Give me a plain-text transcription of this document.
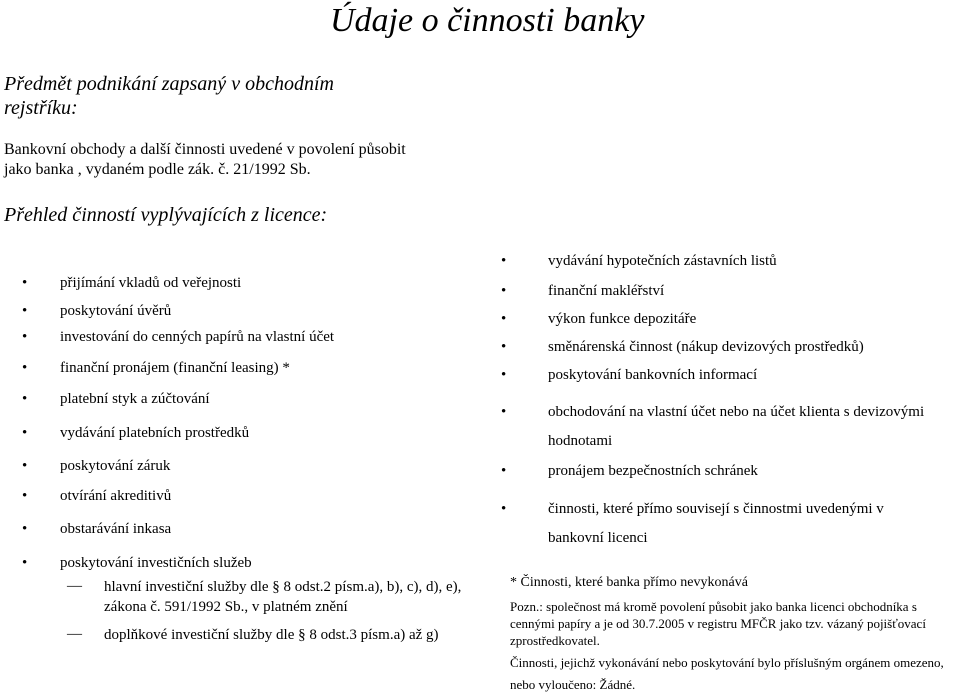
Údaje o činnosti banky
Předmět podnikání zapsaný v obchodním rejstříku:
Bankovní obchody a další činnosti uvedené v povolení působit jako banka , vydaném podle zák. č. 21/1992 Sb.
Přehled činností vyplývajících z licence:
• přijímání vkladů od veřejnosti
• poskytování úvěrů
• investování do cenných papírů na vlastní účet
• finanční pronájem (finanční leasing) *
• platební styk a zúčtování
• vydávání platebních prostředků
• poskytování záruk
• otvírání akreditivů
• obstarávání inkasa
• poskytování investičních služeb
— hlavní investiční služby dle § 8 odst.2 písm.a), b), c), d), e), zákona č. 591/1992 Sb., v platném znění
— doplňkové investiční služby dle § 8 odst.3 písm.a) až g)
•	vydávání hypotečních zástavních listů
•	finanční makléřství
•	výkon funkce depozitáře
•	směnárenská činnost (nákup devizových prostředků)
•	poskytování bankovních informací
•	obchodování na vlastní účet nebo na účet klienta s devizovými hodnotami
•	pronájem bezpečnostních schránek
•	činnosti, které přímo souvisejí s činnostmi uvedenými v bankovní licenci
* Činnosti, které banka přímo nevykonává
Pozn.: společnost má kromě povolení působit jako banka licenci obchodníka s cennými papíry a je od 30.7.2005 v registru MFČR jako tzv. vázaný pojišťovací zprostředkovatel.
Činnosti, jejichž vykonávání nebo poskytování bylo příslušným orgánem omezeno, nebo vyloučeno: Žádné.
